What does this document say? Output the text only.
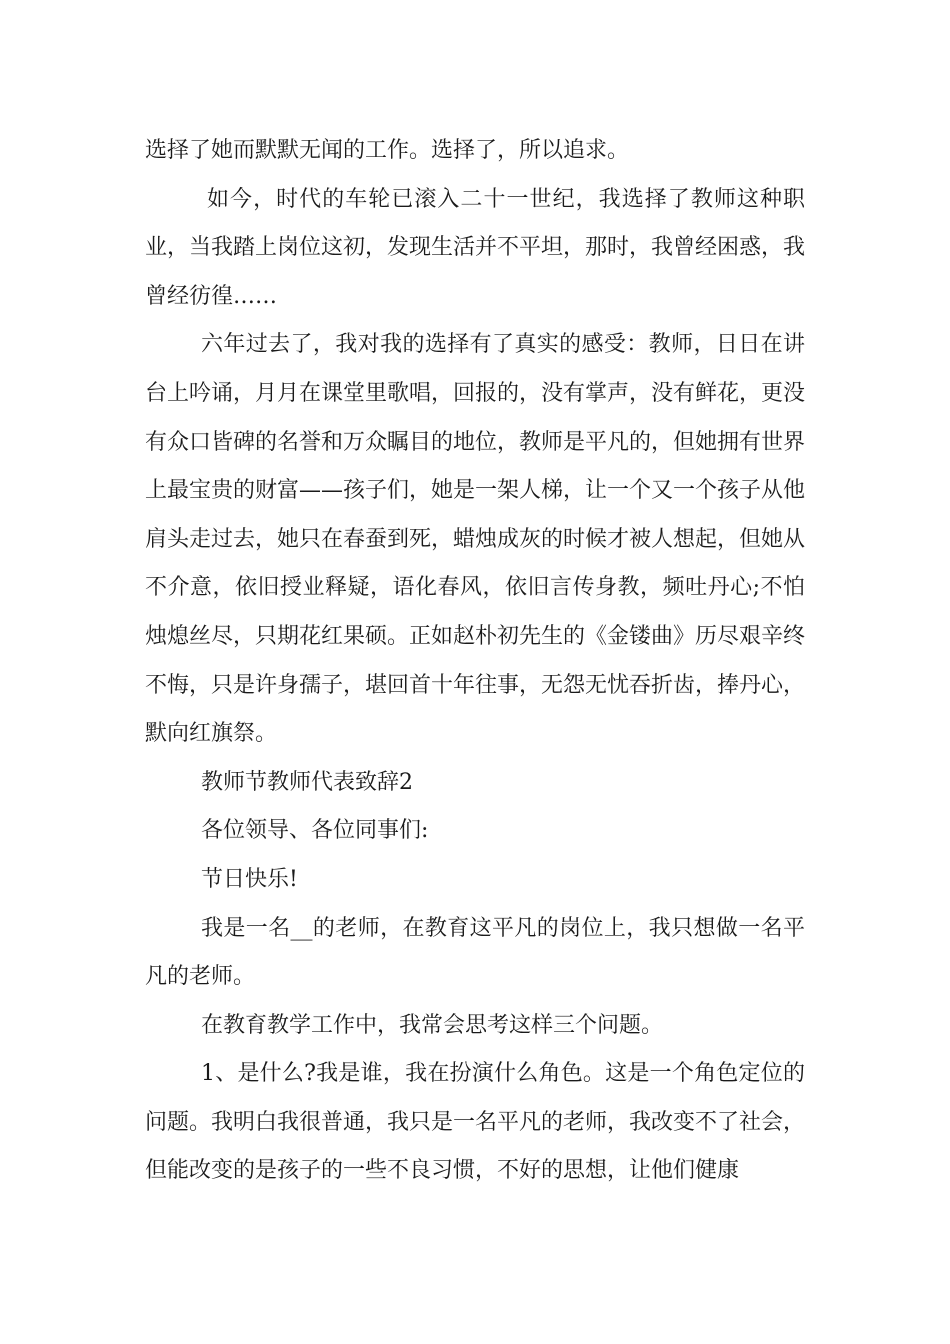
选择了她而默默无闻的工作。选择了，所以追求。

如今，时代的车轮已滚入二十一世纪，我选择了教师这种职业，当我踏上岗位这初，发现生活并不平坦，那时，我曾经困惑，我曾经彷徨……

六年过去了，我对我的选择有了真实的感受：教师，日日在讲台上吟诵，月月在课堂里歌唱，回报的，没有掌声，没有鲜花，更没有众口皆碑的名誉和万众瞩目的地位，教师是平凡的，但她拥有世界上最宝贵的财富——孩子们，她是一架人梯，让一个又一个孩子从他肩头走过去，她只在春蚕到死，蜡烛成灰的时候才被人想起，但她从不介意，依旧授业释疑，语化春风，依旧言传身教，频吐丹心;不怕烛熄丝尽，只期花红果硕。正如赵朴初先生的《金镂曲》历尽艰辛终不悔，只是许身孺子，堪回首十年往事，无怨无忧吞折齿，捧丹心，默向红旗祭。

教师节教师代表致辞2

各位领导、各位同事们:

节日快乐!

我是一名__的老师，在教育这平凡的岗位上，我只想做一名平凡的老师。

在教育教学工作中，我常会思考这样三个问题。

1、是什么?我是谁，我在扮演什么角色。这是一个角色定位的问题。我明白我很普通，我只是一名平凡的老师，我改变不了社会，但能改变的是孩子的一些不良习惯，不好的思想，让他们健康
